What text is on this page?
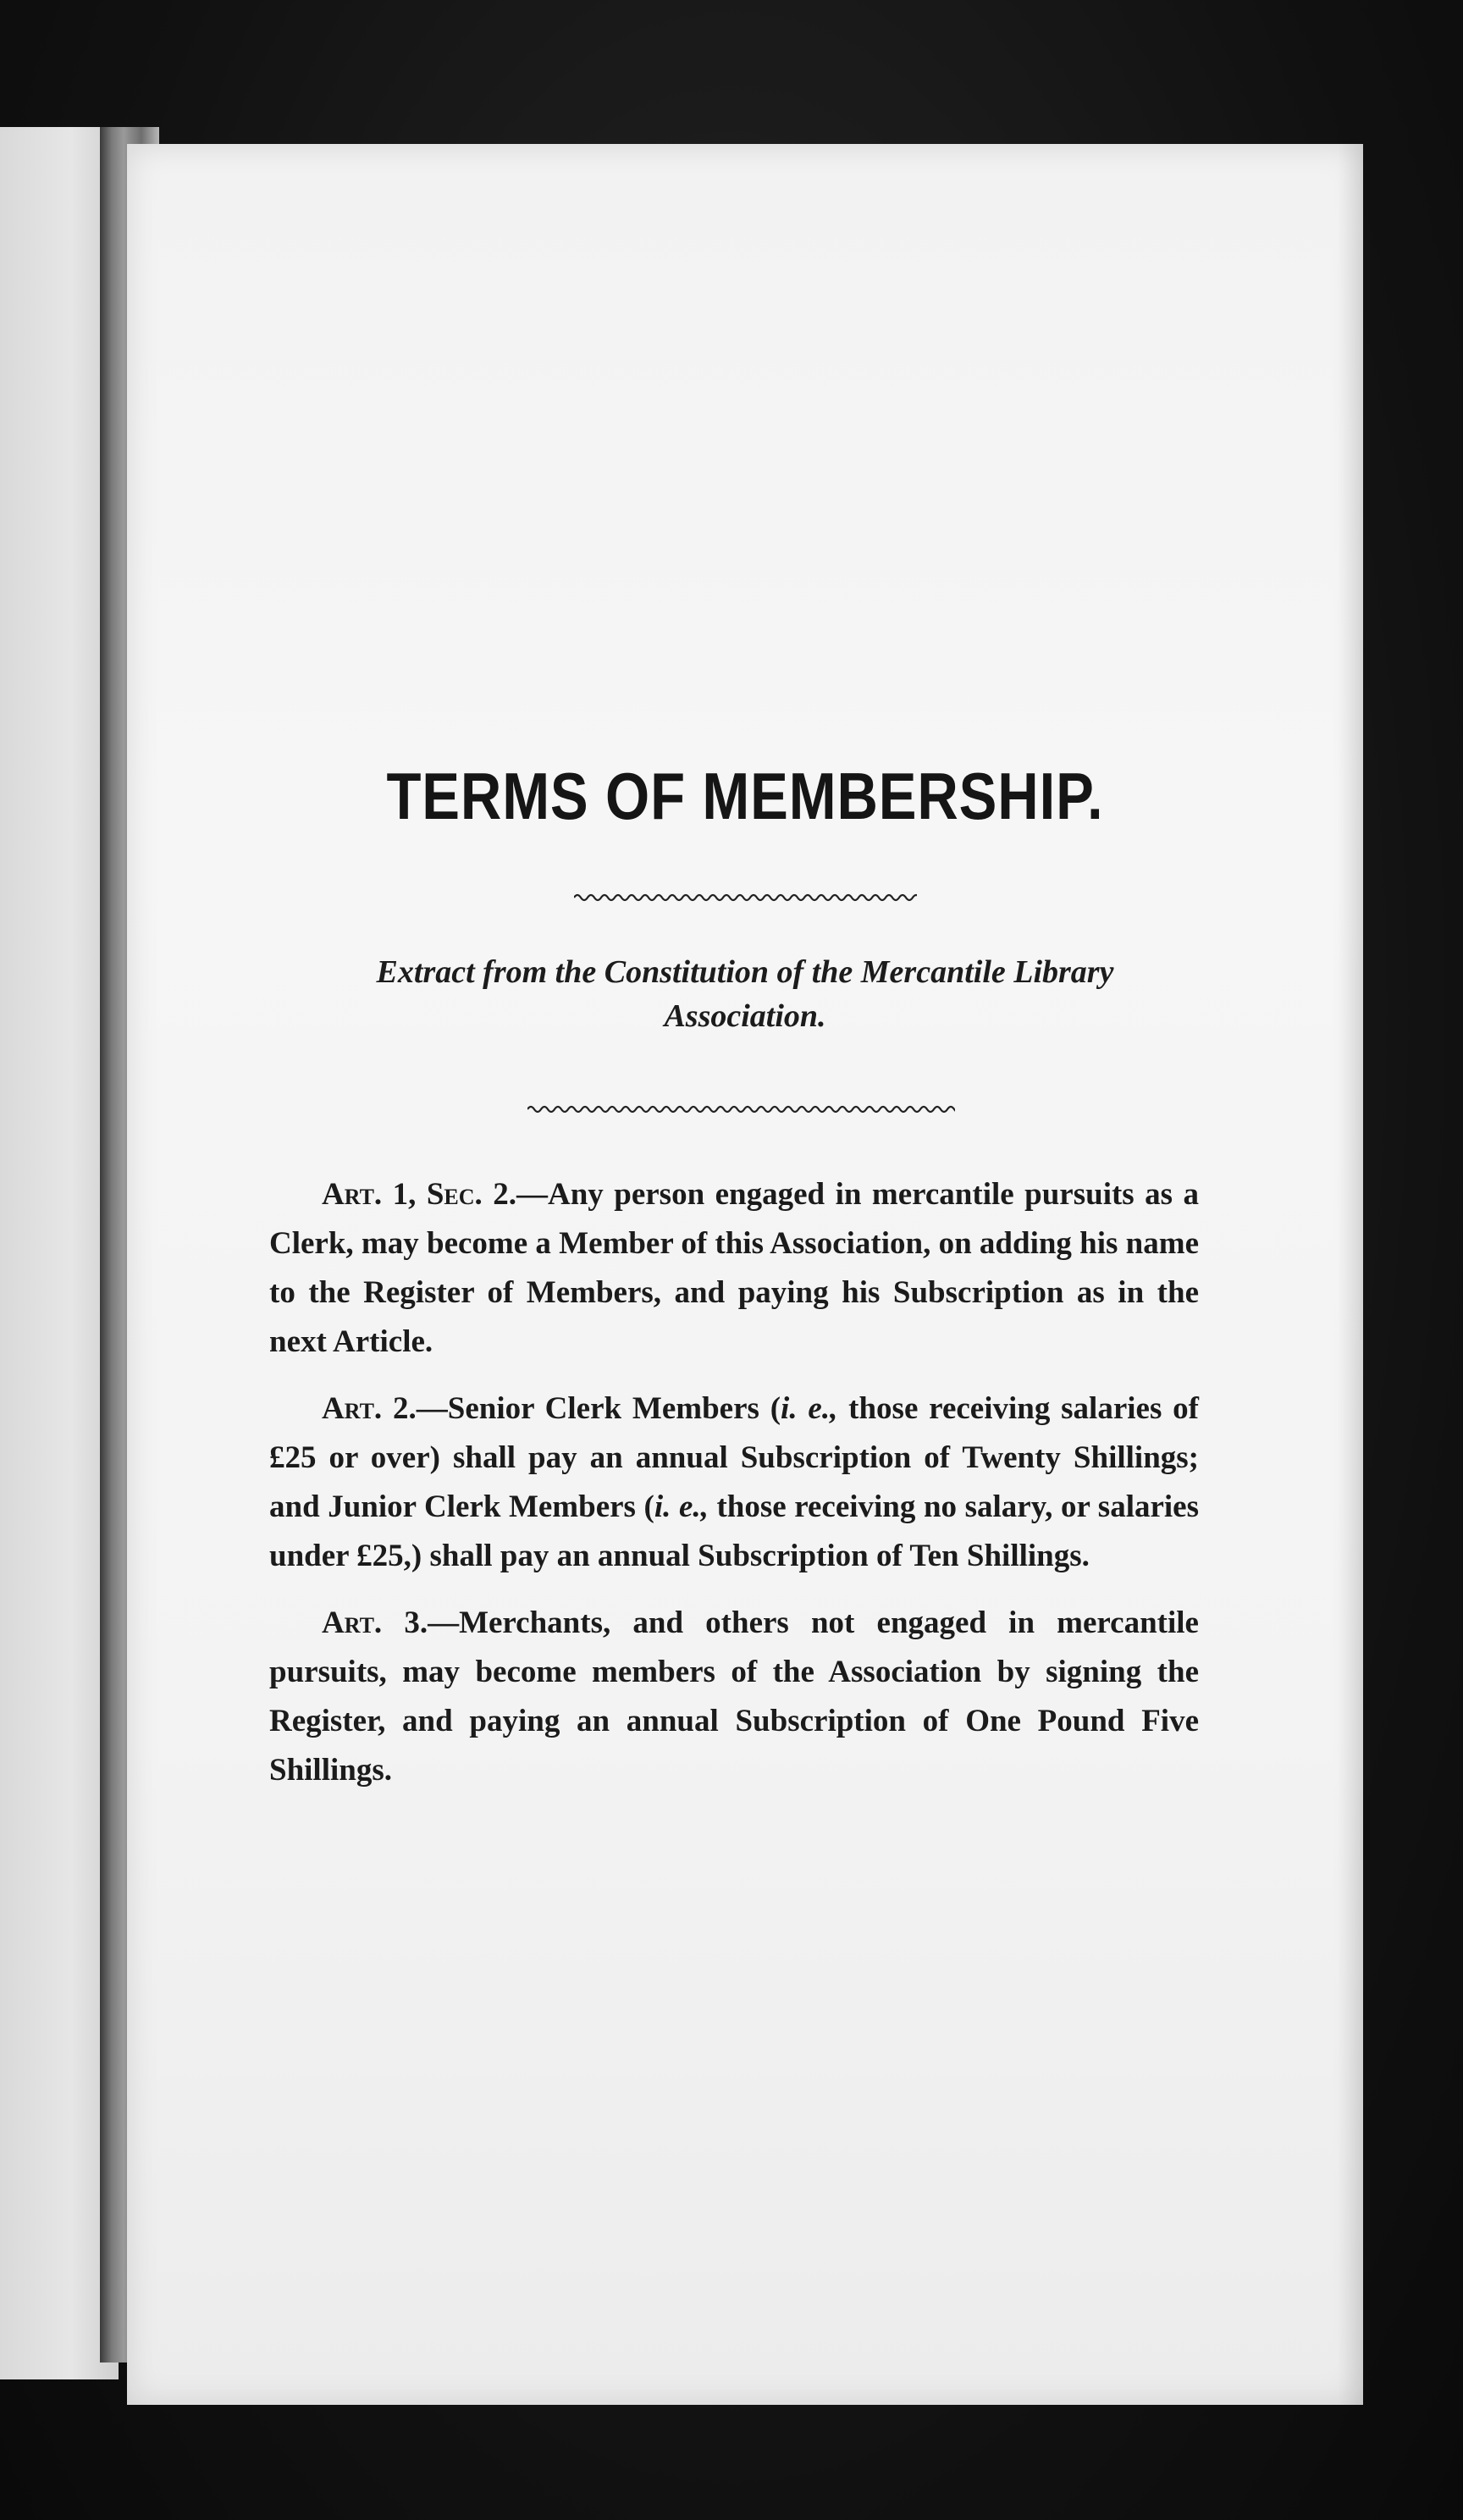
TERMS OF MEMBERSHIP.
Extract from the Constitution of the Mercantile Library
Association.

Art. 1, Sec. 2.—Any person engaged in mercantile pursuits as a Clerk, may become a Member of this Association, on adding his name to the Register of Members, and paying his Subscription as in the next Article.

Art. 2.—Senior Clerk Members (i. e., those receiving salaries of £25 or over) shall pay an annual Subscription of Twenty Shillings; and Junior Clerk Members (i. e., those receiving no salary, or salaries under £25,) shall pay an annual Subscription of Ten Shillings.

Art. 3.—Merchants, and others not engaged in mercantile pursuits, may become members of the Association by signing the Register, and paying an annual Subscription of One Pound Five Shillings.
